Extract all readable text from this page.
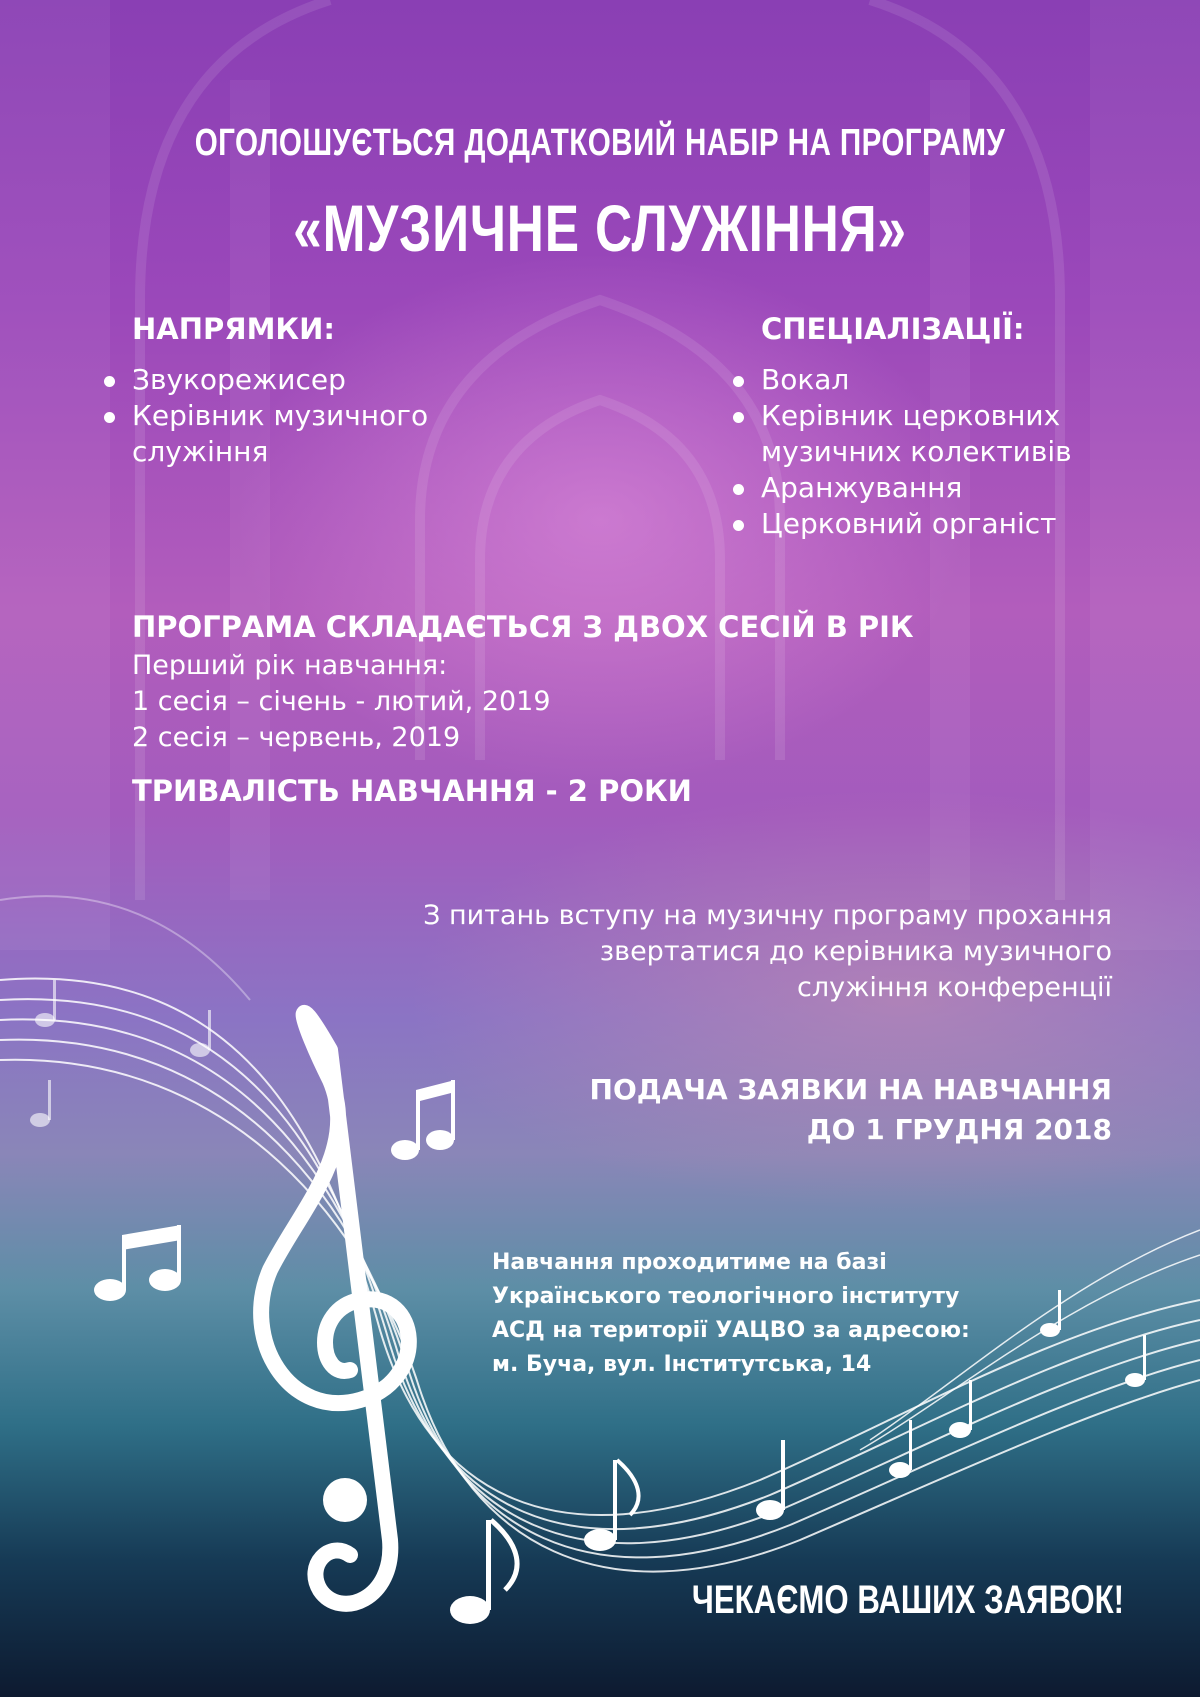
ОГОЛОШУЄТЬСЯ ДОДАТКОВИЙ НАБІР НА ПРОГРАМУ
«МУЗИЧНЕ СЛУЖІННЯ»
НАПРЯМКИ:
Звукорежисер
Керівник музичного
служіння
СПЕЦІАЛІЗАЦІЇ:
Вокал
Керівник церковних
музичних колективів
Аранжування
Церковний органіст
ПРОГРАМА СКЛАДАЄТЬСЯ З ДВОХ СЕСІЙ В РІК
Перший рік навчання:
1 сесія – січень - лютий, 2019
2 сесія – червень, 2019
ТРИВАЛІСТЬ НАВЧАННЯ - 2 РОКИ
З питань вступу на музичну програму прохання
звертатися до керівника музичного
служіння конференції
ПОДАЧА ЗАЯВКИ НА НАВЧАННЯ
ДО 1 ГРУДНЯ 2018
Навчання проходитиме на базі
Українського теологічного інституту
АСД на території УАЦВО за адресою:
м. Буча, вул. Інститутська, 14
ЧЕКАЄМО ВАШИХ ЗАЯВОК!
